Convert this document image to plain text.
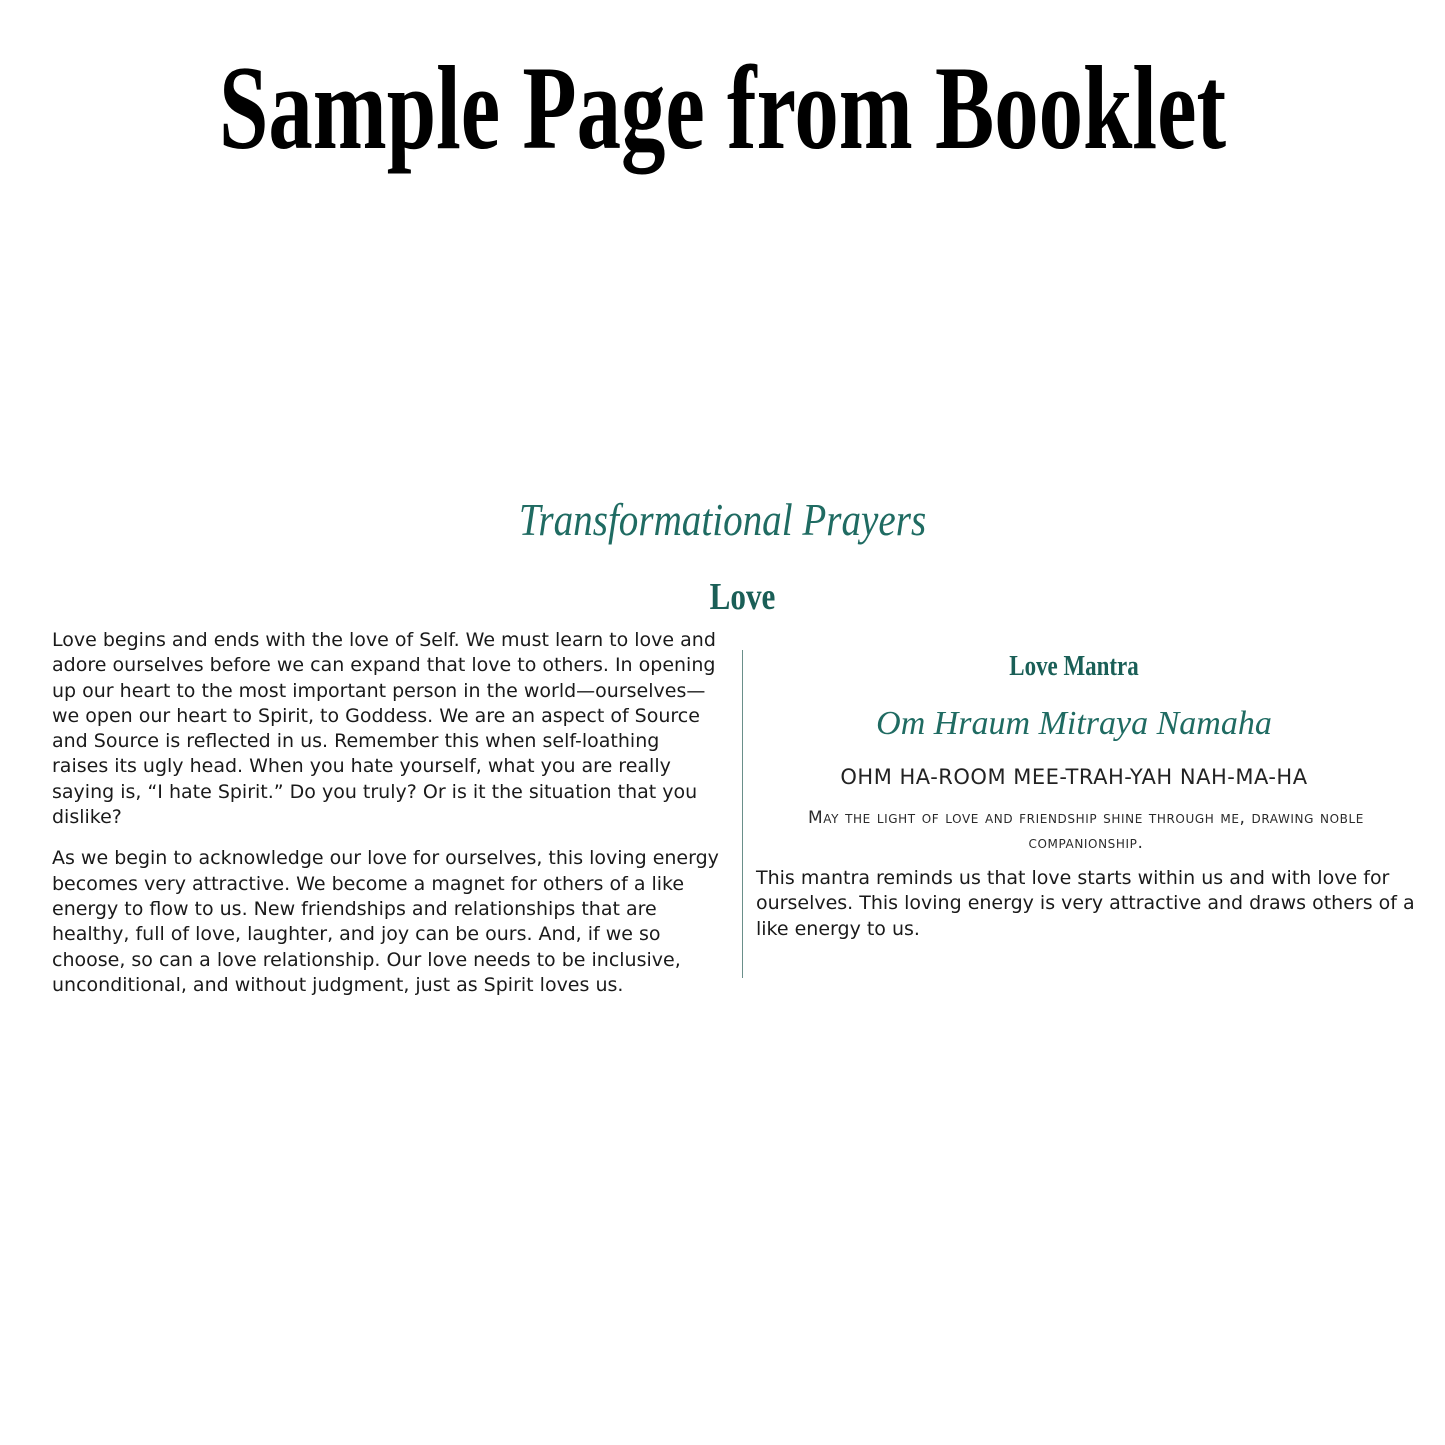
Sample Page from Booklet
Transformational Prayers
Love

Love begins and ends with the love of Self. We must learn to love and adore ourselves before we can expand that love to others. In opening up our heart to the most important person in the world—ourselves—we open our heart to Spirit, to Goddess. We are an aspect of Source and Source is reflected in us. Remember this when self-loathing raises its ugly head. When you hate yourself, what you are really saying is, “I hate Spirit.” Do you truly? Or is it the situation that you dislike?

As we begin to acknowledge our love for ourselves, this loving energy becomes very attractive. We become a magnet for others of a like energy to flow to us. New friendships and relationships that are healthy, full of love, laughter, and joy can be ours. And, if we so choose, so can a love relationship. Our love needs to be inclusive, unconditional, and without judgment, just as Spirit loves us.

Love Mantra
Om Hraum Mitraya Namaha
OHM HA-ROOM MEE-TRAH-YAH NAH-MA-HA
May the light of love and friendship shine through me, drawing noble companionship.
This mantra reminds us that love starts within us and with love for ourselves. This loving energy is very attractive and draws others of a like energy to us.
